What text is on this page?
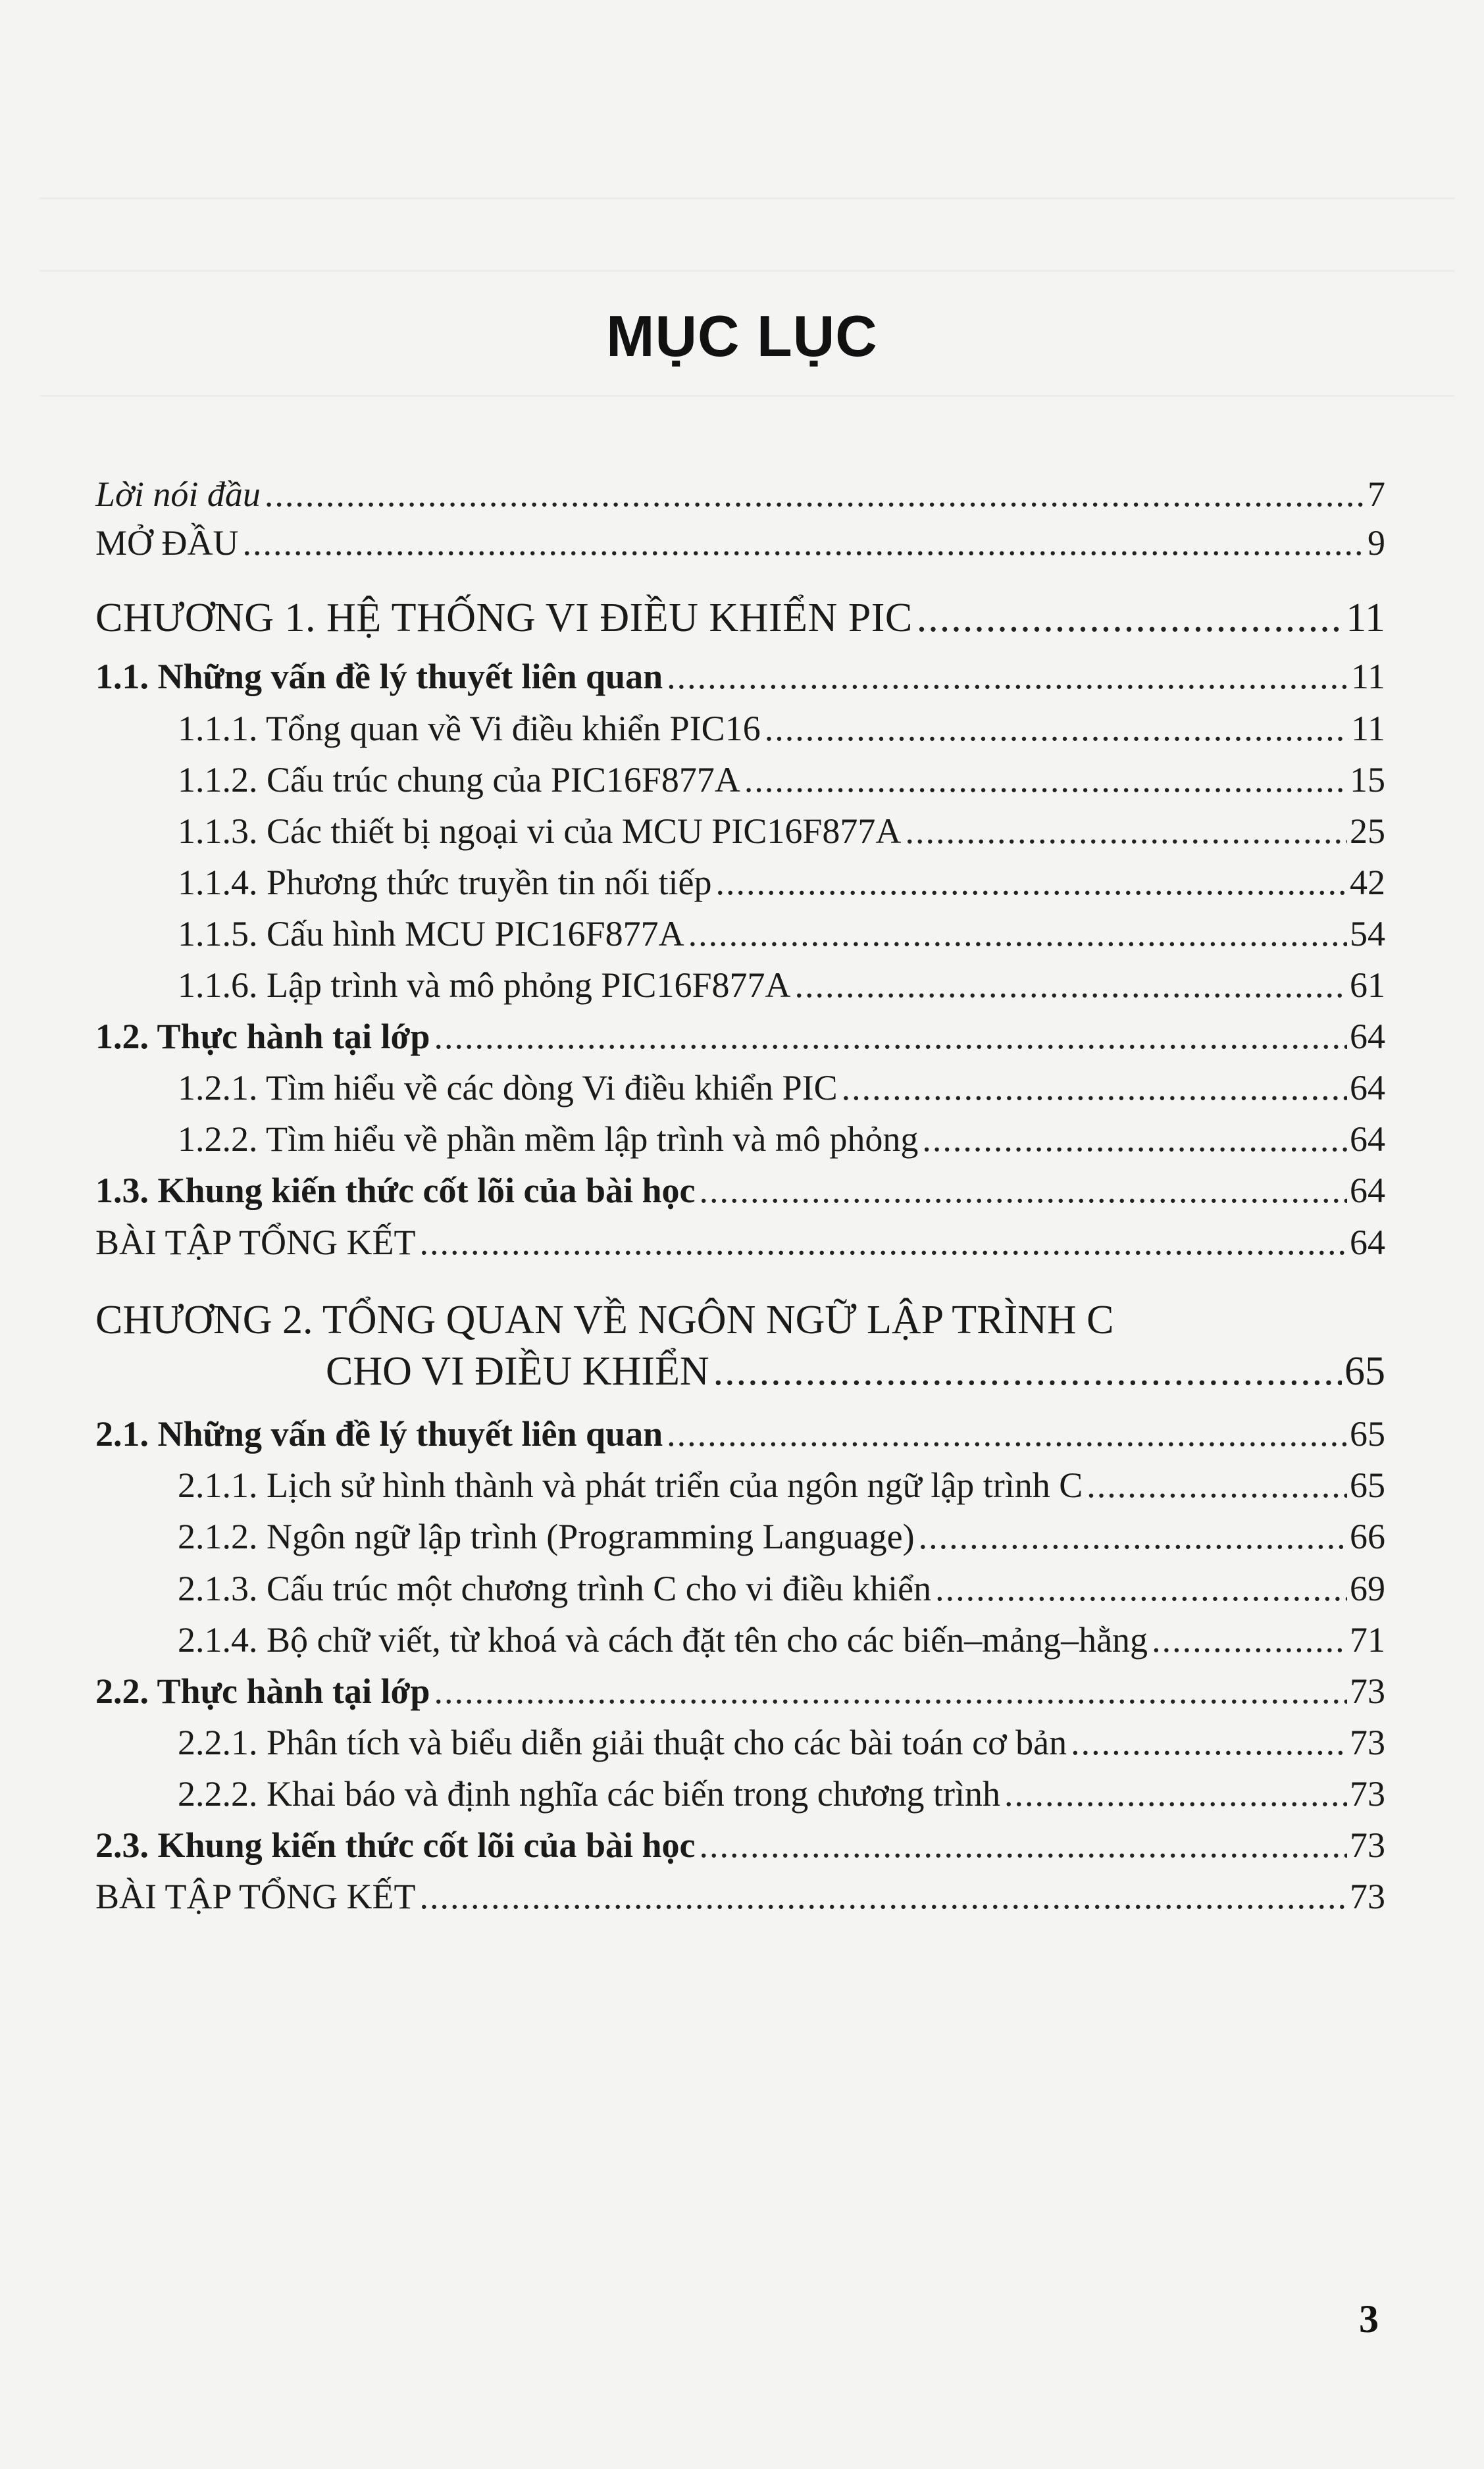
MỤC LỤC
Lời nói đầu .....	7
MỞ ĐẦU .....	9
CHƯƠNG 1. HỆ THỐNG VI ĐIỀU KHIỂN PIC .....	11
1.1. Những vấn đề lý thuyết liên quan .....	11
1.1.1. Tổng quan về Vi điều khiển PIC16 .....	11
1.1.2. Cấu trúc chung của PIC16F877A .....	15
1.1.3. Các thiết bị ngoại vi của MCU PIC16F877A .....	25
1.1.4. Phương thức truyền tin nối tiếp .....	42
1.1.5. Cấu hình MCU PIC16F877A .....	54
1.1.6. Lập trình và mô phỏng PIC16F877A .....	61
1.2. Thực hành tại lớp .....	64
1.2.1. Tìm hiểu về các dòng Vi điều khiển PIC .....	64
1.2.2. Tìm hiểu về phần mềm lập trình và mô phỏng .....	64
1.3. Khung kiến thức cốt lõi của bài học .....	64
BÀI TẬP TỔNG KẾT .....	64
CHƯƠNG 2. TỔNG QUAN VỀ NGÔN NGỮ LẬP TRÌNH C
CHO VI ĐIỀU KHIỂN .....	65
2.1. Những vấn đề lý thuyết liên quan .....	65
2.1.1. Lịch sử hình thành và phát triển của ngôn ngữ lập trình C .....	65
2.1.2. Ngôn ngữ lập trình (Programming Language) .....	66
2.1.3. Cấu trúc một chương trình C cho vi điều khiển .....	69
2.1.4. Bộ chữ viết, từ khoá và cách đặt tên cho các biến–mảng–hằng .....	71
2.2. Thực hành tại lớp .....	73
2.2.1. Phân tích và biểu diễn giải thuật cho các bài toán cơ bản .....	73
2.2.2. Khai báo và định nghĩa các biến trong chương trình .....	73
2.3. Khung kiến thức cốt lõi của bài học .....	73
BÀI TẬP TỔNG KẾT .....	73
3
